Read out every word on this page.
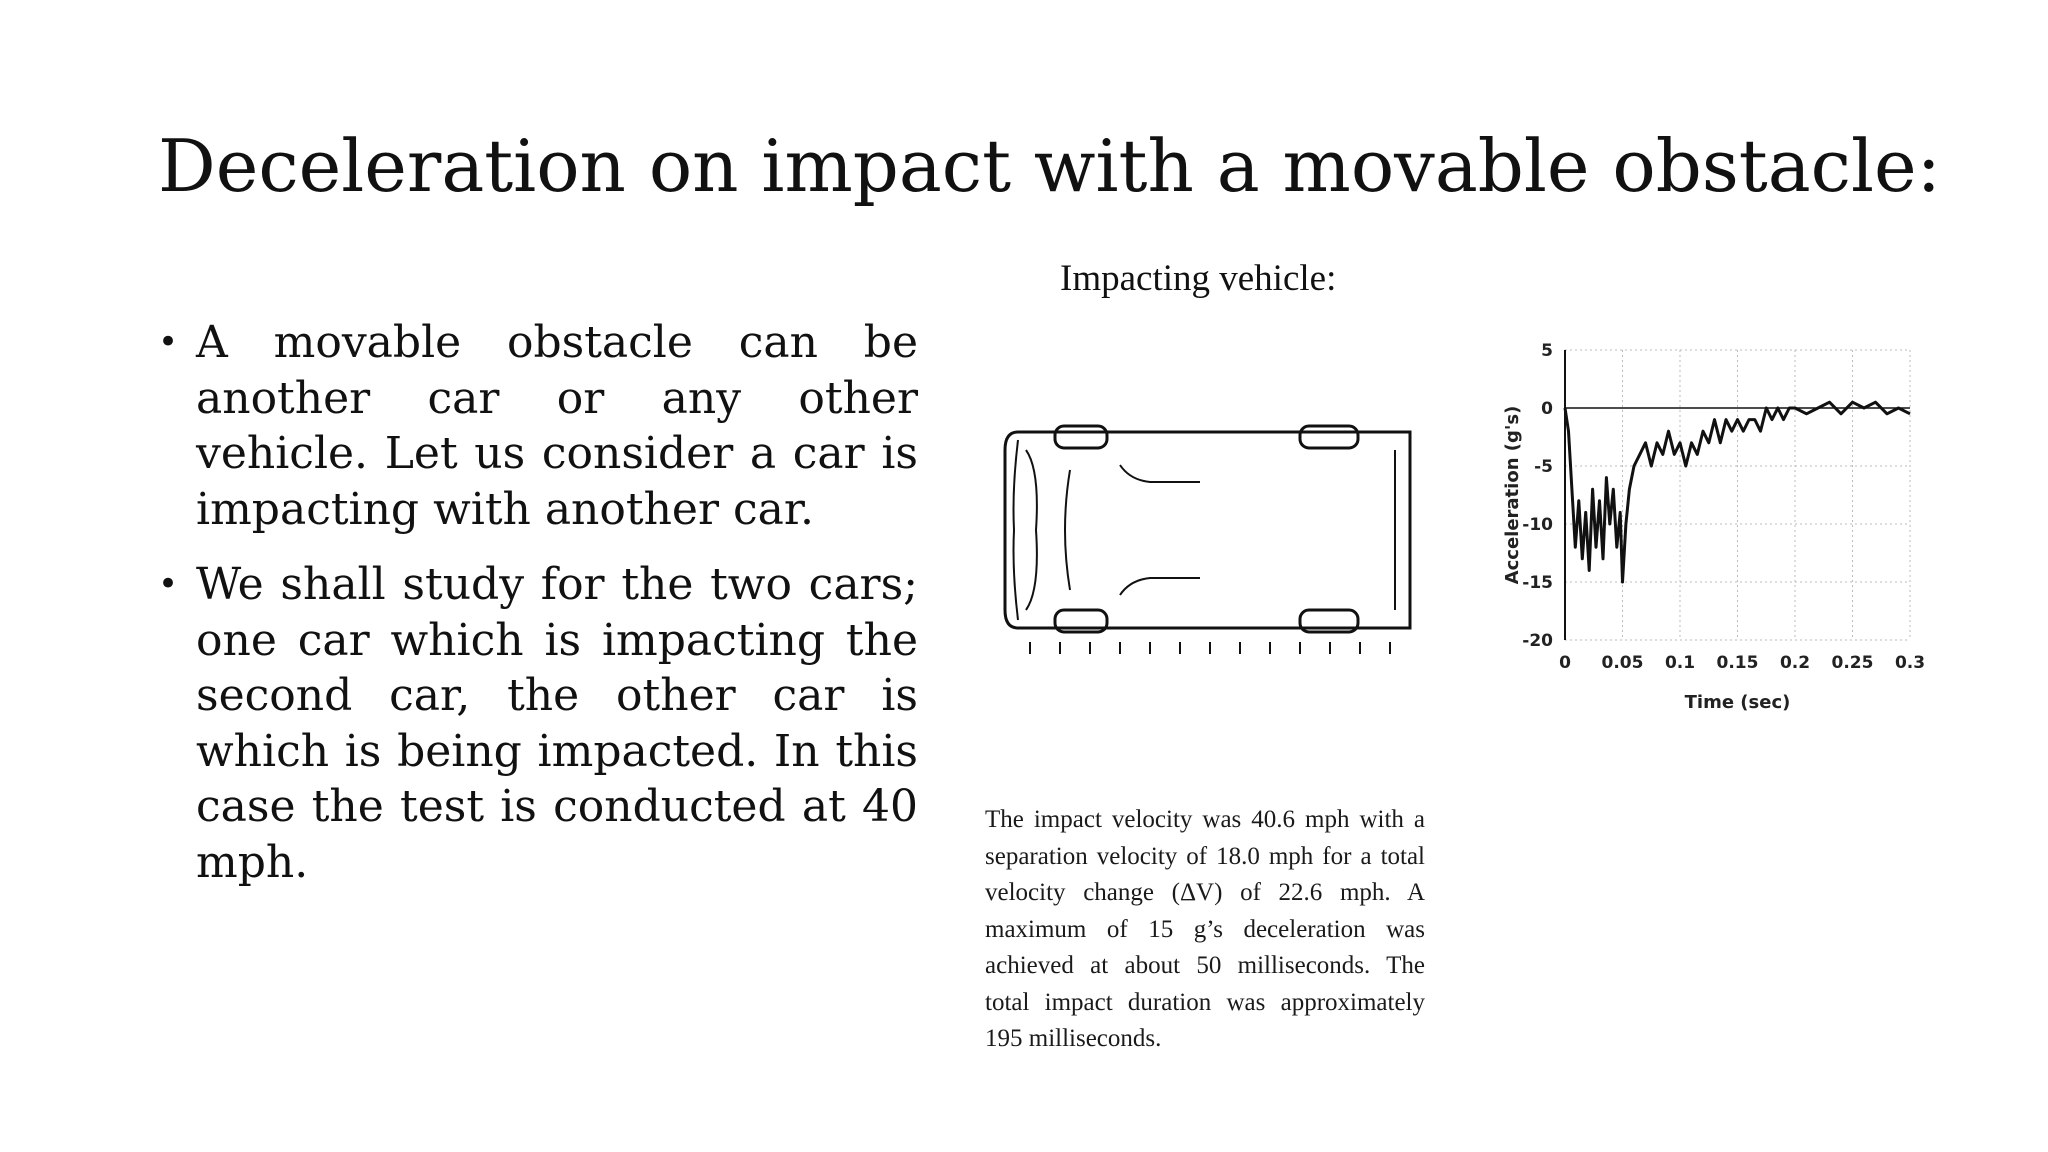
Deceleration on impact with a movable obstacle:
• A movable obstacle can be another car or any other vehicle. Let us consider a car is impacting with another car.
• We shall study for the two cars; one car which is impacting the second car, the other car is which is being impacted. In this case the test is conducted at 40 mph.
Impacting vehicle:
0 0.05 0.1 0.15 0.2 0.25 0.3
5
0
-5
-10
-15
-20
Time (sec)
Acceleration (g's)
The impact velocity was 40.6 mph with a separation velocity of 18.0 mph for a total velocity change (ΔV) of 22.6 mph. A maximum of 15 g’s deceleration was achieved at about 50 milliseconds. The total impact duration was approximately 195 milliseconds.
